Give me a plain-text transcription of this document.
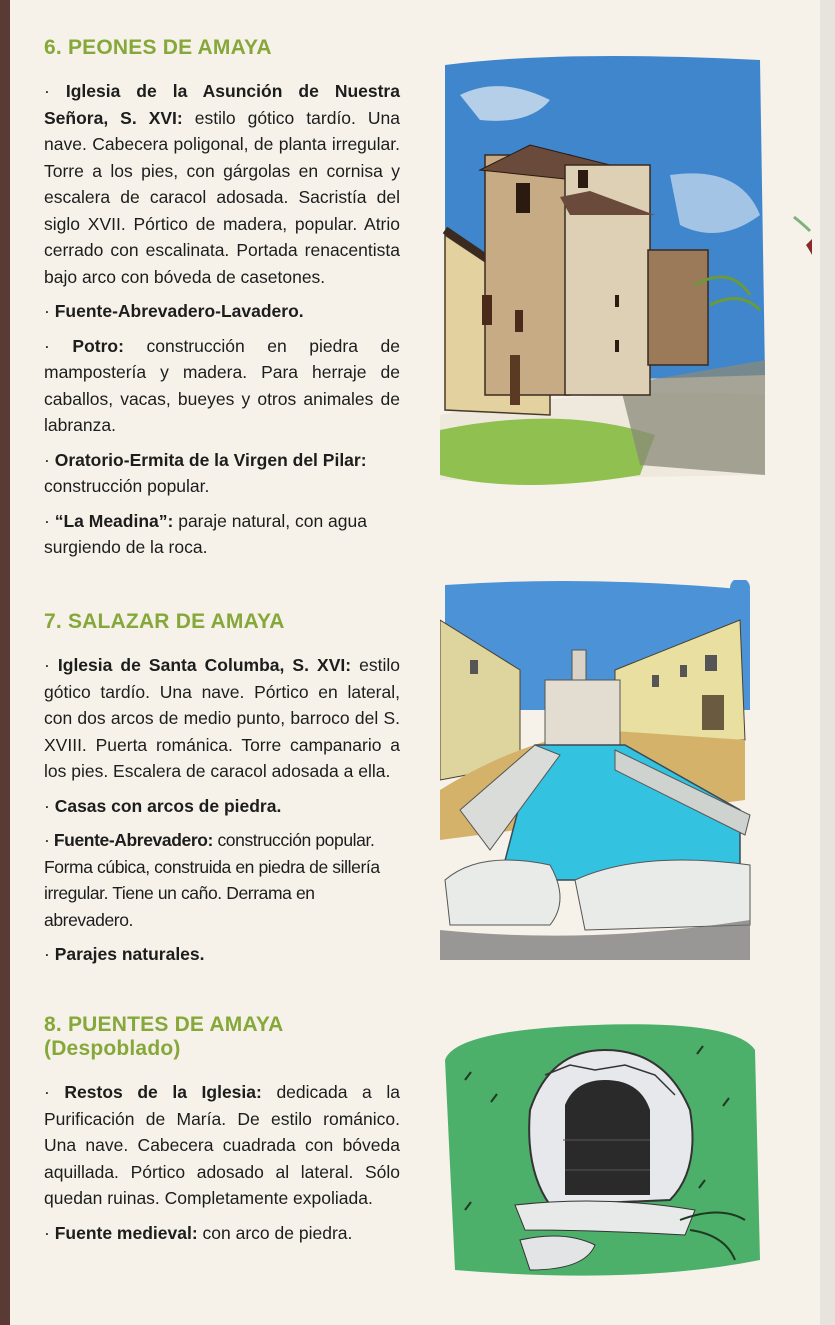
6. PEONES DE AMAYA

· Iglesia de la Asunción de Nuestra Señora, S. XVI: estilo gótico tardío. Una nave. Cabecera poligonal, de planta irregular. Torre a los pies, con gárgolas en cornisa y escalera de caracol adosada. Sacristía del siglo XVII. Pórtico de madera, popular. Atrio cerrado con escalinata. Portada renacentista bajo arco con bóveda de casetones.

· Fuente-Abrevadero-Lavadero.

· Potro: construcción en piedra de mampostería y madera. Para herraje de caballos, vacas, bueyes y otros animales de labranza.

· Oratorio-Ermita de la Virgen del Pilar: construcción popular.

· “La Meadina”: paraje natural, con agua surgiendo de la roca.

7. SALAZAR DE AMAYA

· Iglesia de Santa Columba, S. XVI: estilo gótico tardío. Una nave. Pórtico en lateral, con dos arcos de medio punto, barroco del S. XVIII. Puerta románica. Torre campanario a los pies. Escalera de caracol adosada a ella.

· Casas con arcos de piedra.

· Fuente-Abrevadero: construcción popular. Forma cúbica, construida en piedra de sillería irregular. Tiene un caño. Derrama en abrevadero.

· Parajes naturales.

8. PUENTES DE AMAYA
(Despoblado)

· Restos de la Iglesia: dedicada a la Purificación de María. De estilo románico. Una nave. Cabecera cuadrada con bóveda aquillada. Pórtico adosado al lateral. Sólo quedan ruinas. Completamente expoliada.

· Fuente medieval: con arco de piedra.
